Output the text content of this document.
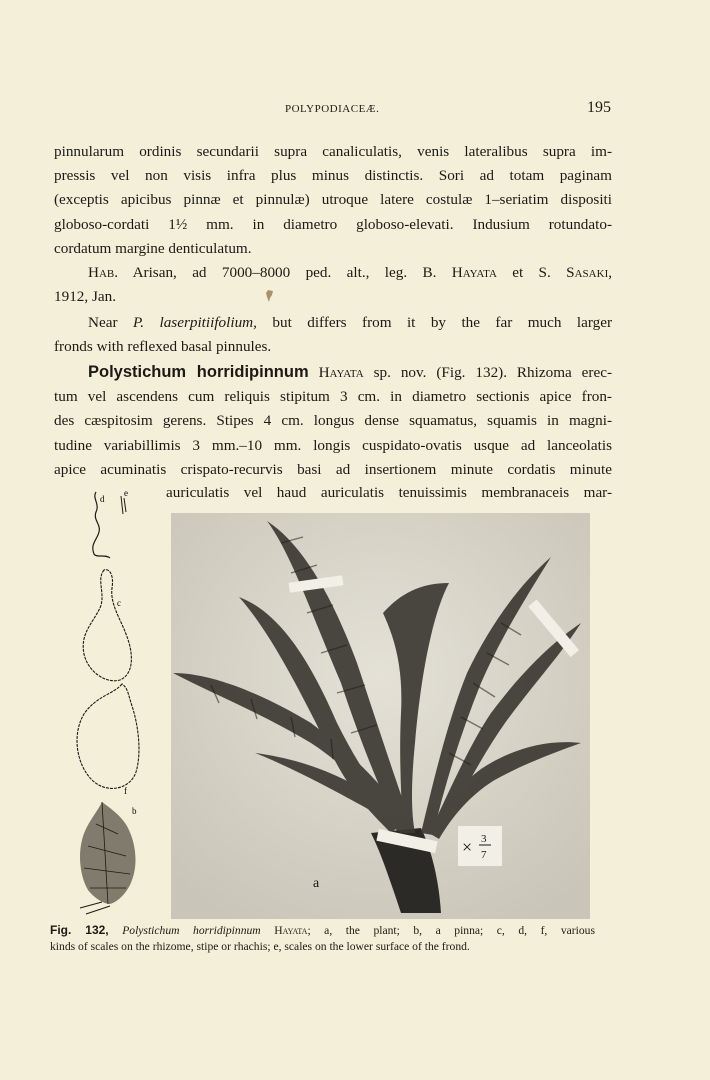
POLYPODIACEÆ.	195
pinnularum ordinis secundarii supra canaliculatis, venis lateralibus supra im-
pressis vel non visis infra plus minus distinctis. Sori ad totam paginam
(exceptis apicibus pinnæ et pinnulæ) utroque latere costulæ 1–seriatim dispositi
globoso-cordati 1½ mm. in diametro globoso-elevati. Indusium rotundato-
cordatum margine denticulatum.
Hab. Arisan, ad 7000–8000 ped. alt., leg. B. Hayata et S. Sasaki,
1912, Jan.
Near P. laserpitiifolium, but differs from it by the far much larger
fronds with reflexed basal pinnules.
Polystichum horridipinnum Hayata sp. nov. (Fig. 132). Rhizoma erec-
tum vel ascendens cum reliquis stipitum 3 cm. in diametro sectionis apice fron-
des cæspitosim gerens. Stipes 4 cm. longus dense squamatus, squamis in magni-
tudine variabillimis 3 mm.–10 mm. longis cuspidato-ovatis usque ad lanceolatis
apice acuminatis crispato-recurvis basi ad insertionem minute cordatis minute
auriculatis vel haud auriculatis tenuissimis membranaceis mar-
d
e
c
f
b
× 3
7
a
Fig. 132, Polystichum horridipinnum Hayata; a, the plant; b, a pinna; c, d, f, various
kinds of scales on the rhizome, stipe or rhachis; e, scales on the lower surface of the frond.
